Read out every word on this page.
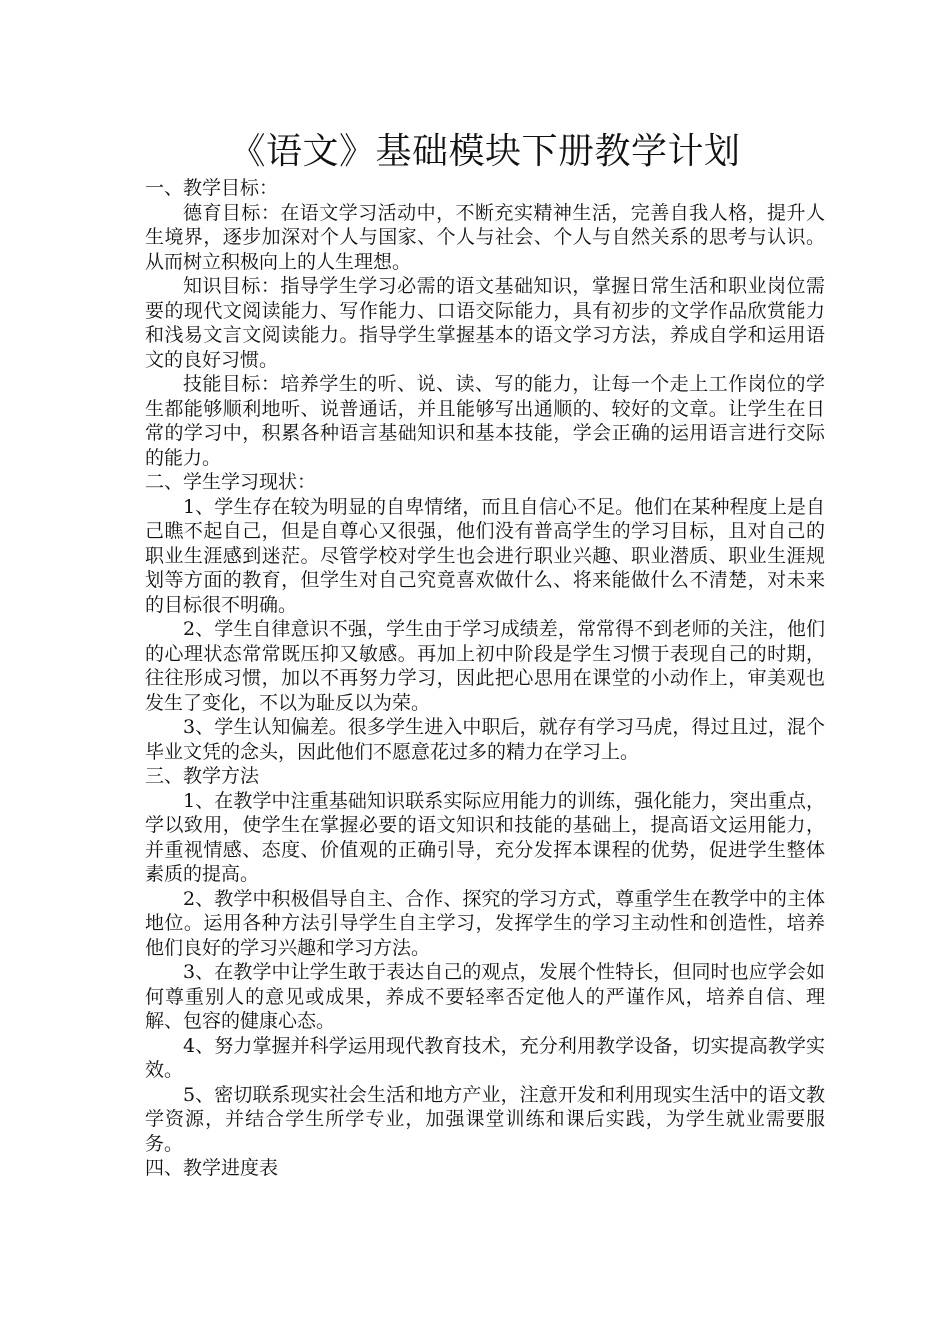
《语文》基础模块下册教学计划

一、教学目标：

德育目标：在语文学习活动中，不断充实精神生活，完善自我人格，提升人生境界，逐步加深对个人与国家、个人与社会、个人与自然关系的思考与认识。从而树立积极向上的人生理想。

知识目标：指导学生学习必需的语文基础知识，掌握日常生活和职业岗位需要的现代文阅读能力、写作能力、口语交际能力，具有初步的文学作品欣赏能力和浅易文言文阅读能力。指导学生掌握基本的语文学习方法，养成自学和运用语文的良好习惯。

技能目标：培养学生的听、说、读、写的能力，让每一个走上工作岗位的学生都能够顺利地听、说普通话，并且能够写出通顺的、较好的文章。让学生在日常的学习中，积累各种语言基础知识和基本技能，学会正确的运用语言进行交际的能力。

二、学生学习现状：

1、学生存在较为明显的自卑情绪，而且自信心不足。他们在某种程度上是自己瞧不起自己，但是自尊心又很强，他们没有普高学生的学习目标，且对自己的职业生涯感到迷茫。尽管学校对学生也会进行职业兴趣、职业潜质、职业生涯规划等方面的教育，但学生对自己究竟喜欢做什么、将来能做什么不清楚，对未来的目标很不明确。

2、学生自律意识不强，学生由于学习成绩差，常常得不到老师的关注，他们的心理状态常常既压抑又敏感。再加上初中阶段是学生习惯于表现自己的时期，往往形成习惯，加以不再努力学习，因此把心思用在课堂的小动作上，审美观也发生了变化，不以为耻反以为荣。

3、学生认知偏差。很多学生进入中职后，就存有学习马虎，得过且过，混个毕业文凭的念头，因此他们不愿意花过多的精力在学习上。

三、教学方法

1、在教学中注重基础知识联系实际应用能力的训练，强化能力，突出重点，学以致用，使学生在掌握必要的语文知识和技能的基础上，提高语文运用能力，并重视情感、态度、价值观的正确引导，充分发挥本课程的优势，促进学生整体素质的提高。

2、教学中积极倡导自主、合作、探究的学习方式，尊重学生在教学中的主体地位。运用各种方法引导学生自主学习，发挥学生的学习主动性和创造性，培养他们良好的学习兴趣和学习方法。

3、在教学中让学生敢于表达自己的观点，发展个性特长，但同时也应学会如何尊重别人的意见或成果，养成不要轻率否定他人的严谨作风，培养自信、理解、包容的健康心态。

4、努力掌握并科学运用现代教育技术，充分利用教学设备，切实提高教学实效。

5、密切联系现实社会生活和地方产业，注意开发和利用现实生活中的语文教学资源，并结合学生所学专业，加强课堂训练和课后实践，为学生就业需要服务。

四、教学进度表
